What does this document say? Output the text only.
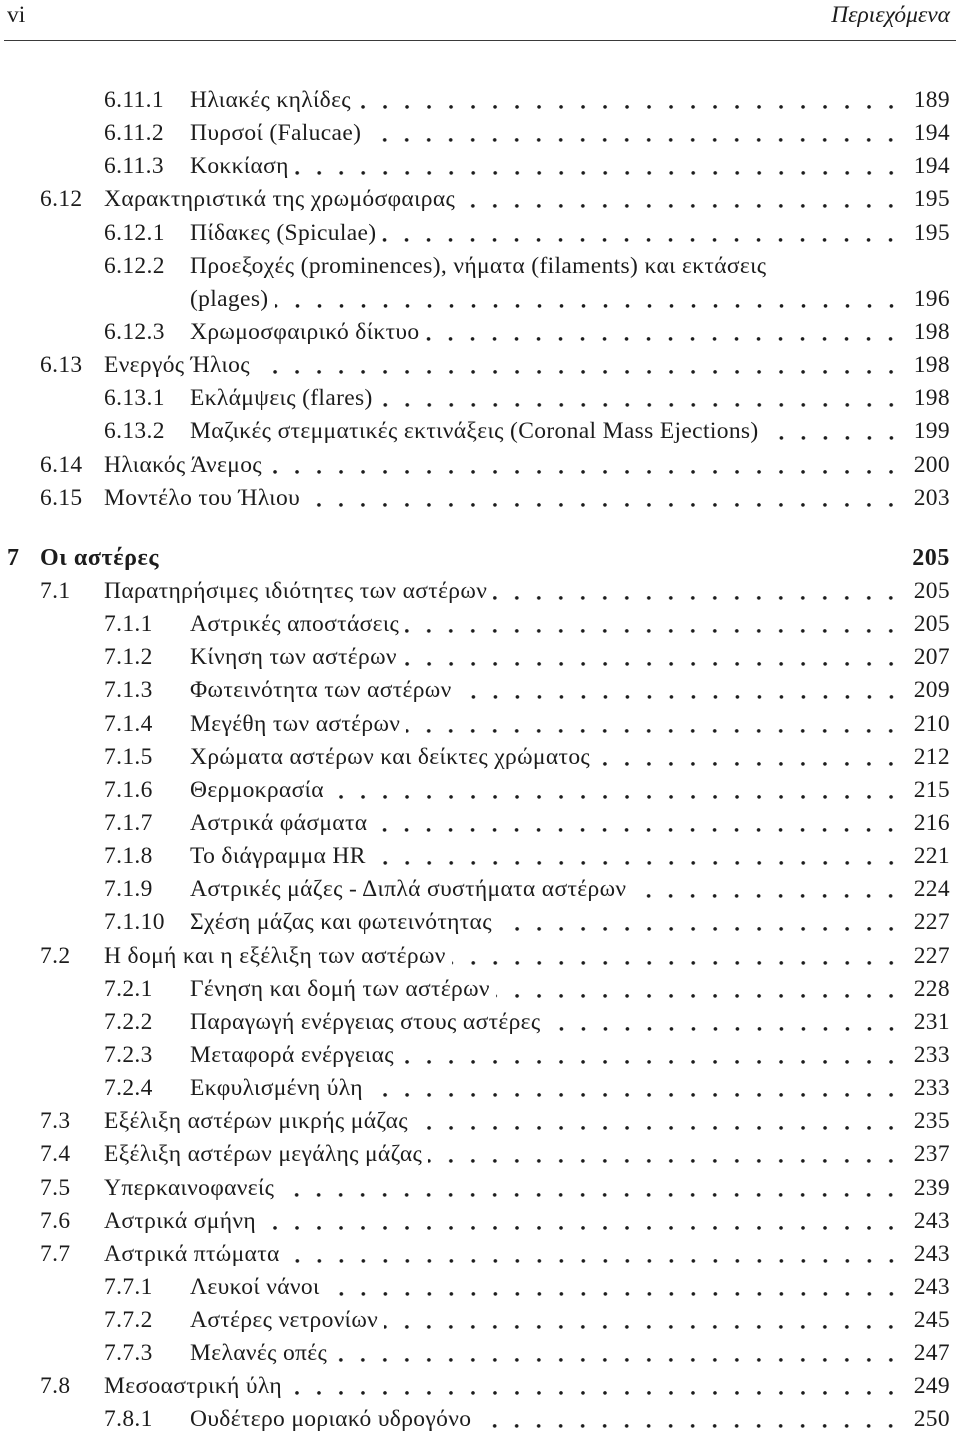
vi	Περιεχόμενα
6.11.1	Ηλιακές κηλίδες	189
6.11.2	Πυρσοί (Falucae)	194
6.11.3	Κοκκίαση	194
6.12 Χαρακτηριστικά της χρωμόσφαιρας	195
6.12.1	Πίδακες (Spiculae)	195
6.12.2	Προεξοχές (prominences), νήματα (filaments) και εκτάσεις
(plages)	196
6.12.3	Χρωμοσφαιρικό δίκτυο	198
6.13 Ενεργός Ήλιος	198
6.13.1	Εκλάμψεις (flares)	198
6.13.2	Μαζικές στεμματικές εκτινάξεις (Coronal Mass Ejections)	199
6.14 Ηλιακός Άνεμος	200
6.15 Μοντέλο του Ήλιου	203
7 Οι αστέρες	205
7.1	Παρατηρήσιμες ιδιότητες των αστέρων	205
7.1.1	Αστρικές αποστάσεις	205
7.1.2	Κίνηση των αστέρων	207
7.1.3	Φωτεινότητα των αστέρων	209
7.1.4	Μεγέθη των αστέρων	210
7.1.5	Χρώματα αστέρων και δείκτες χρώματος	212
7.1.6	Θερμοκρασία	215
7.1.7	Αστρικά φάσματα	216
7.1.8	Το διάγραμμα HR	221
7.1.9	Αστρικές μάζες - Διπλά συστήματα αστέρων	224
7.1.10	Σχέση μάζας και φωτεινότητας	227
7.2	Η δομή και η εξέλιξη των αστέρων	227
7.2.1	Γένηση και δομή των αστέρων	228
7.2.2	Παραγωγή ενέργειας στους αστέρες	231
7.2.3	Μεταφορά ενέργειας	233
7.2.4	Εκφυλισμένη ύλη	233
7.3	Εξέλιξη αστέρων μικρής μάζας	235
7.4	Εξέλιξη αστέρων μεγάλης μάζας	237
7.5	Υπερκαινοφανείς	239
7.6	Αστρικά σμήνη	243
7.7	Αστρικά πτώματα	243
7.7.1	Λευκοί νάνοι	243
7.7.2	Αστέρες νετρονίων	245
7.7.3	Μελανές οπές	247
7.8	Μεσοαστρική ύλη	249
7.8.1	Ουδέτερο μοριακό υδρογόνο	250
